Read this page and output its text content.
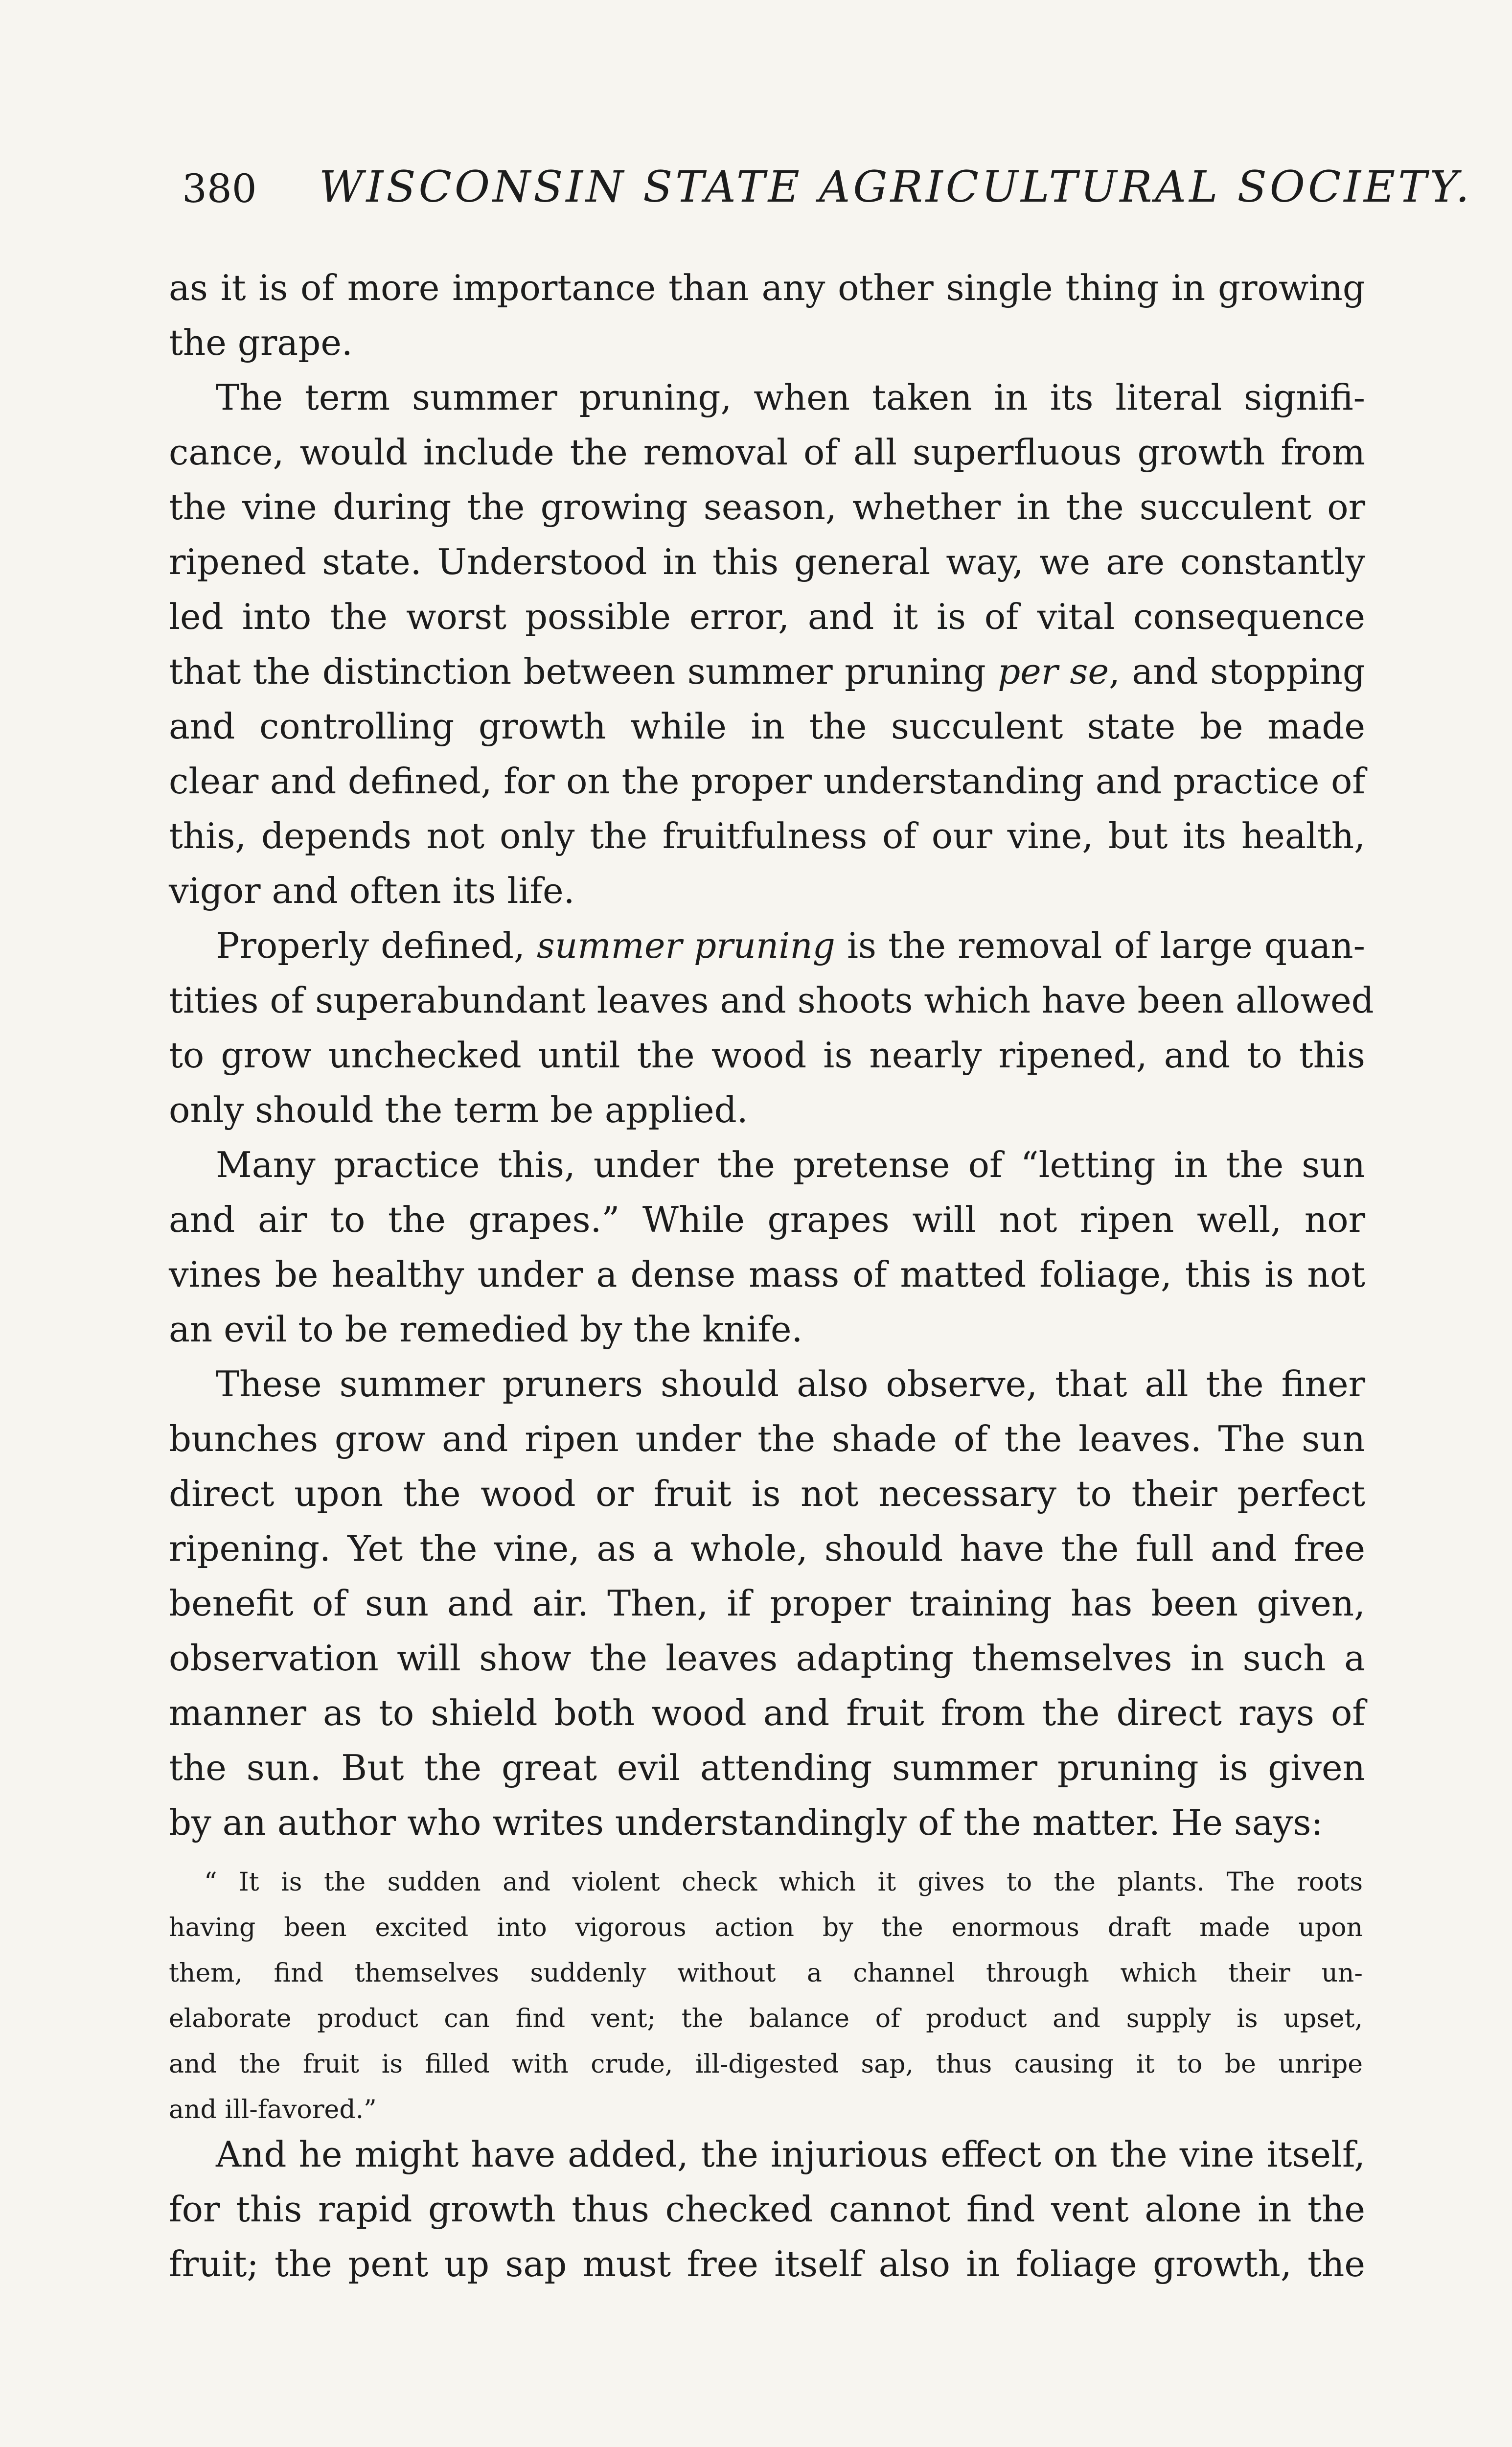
380 WISCONSIN STATE AGRICULTURAL SOCIETY.
as it is of more importance than any other single thing in growing
the grape.
The term summer pruning, when taken in its literal signifi-
cance, would include the removal of all superfluous growth from
the vine during the growing season, whether in the succulent or
ripened state. Understood in this general way, we are constantly
led into the worst possible error, and it is of vital consequence
that the distinction between summer pruning per se, and stopping
and controlling growth while in the succulent state be made
clear and defined, for on the proper understanding and practice of
this, depends not only the fruitfulness of our vine, but its health,
vigor and often its life.
Properly defined, summer pruning is the removal of large quan-
tities of superabundant leaves and shoots which have been allowed
to grow unchecked until the wood is nearly ripened, and to this
only should the term be applied.
Many practice this, under the pretense of “letting in the sun
and air to the grapes.” While grapes will not ripen well, nor
vines be healthy under a dense mass of matted foliage, this is not
an evil to be remedied by the knife.
These summer pruners should also observe, that all the finer
bunches grow and ripen under the shade of the leaves. The sun
direct upon the wood or fruit is not necessary to their perfect
ripening. Yet the vine, as a whole, should have the full and free
benefit of sun and air. Then, if proper training has been given,
observation will show the leaves adapting themselves in such a
manner as to shield both wood and fruit from the direct rays of
the sun. But the great evil attending summer pruning is given
by an author who writes understandingly of the matter. He says:
“ It is the sudden and violent check which it gives to the plants. The roots
having been excited into vigorous action by the enormous draft made upon
them, find themselves suddenly without a channel through which their un-
elaborate product can find vent; the balance of product and supply is upset,
and the fruit is filled with crude, ill-digested sap, thus causing it to be unripe
and ill-favored.”
And he might have added, the injurious effect on the vine itself,
for this rapid growth thus checked cannot find vent alone in the
fruit; the pent up sap must free itself also in foliage growth, the
